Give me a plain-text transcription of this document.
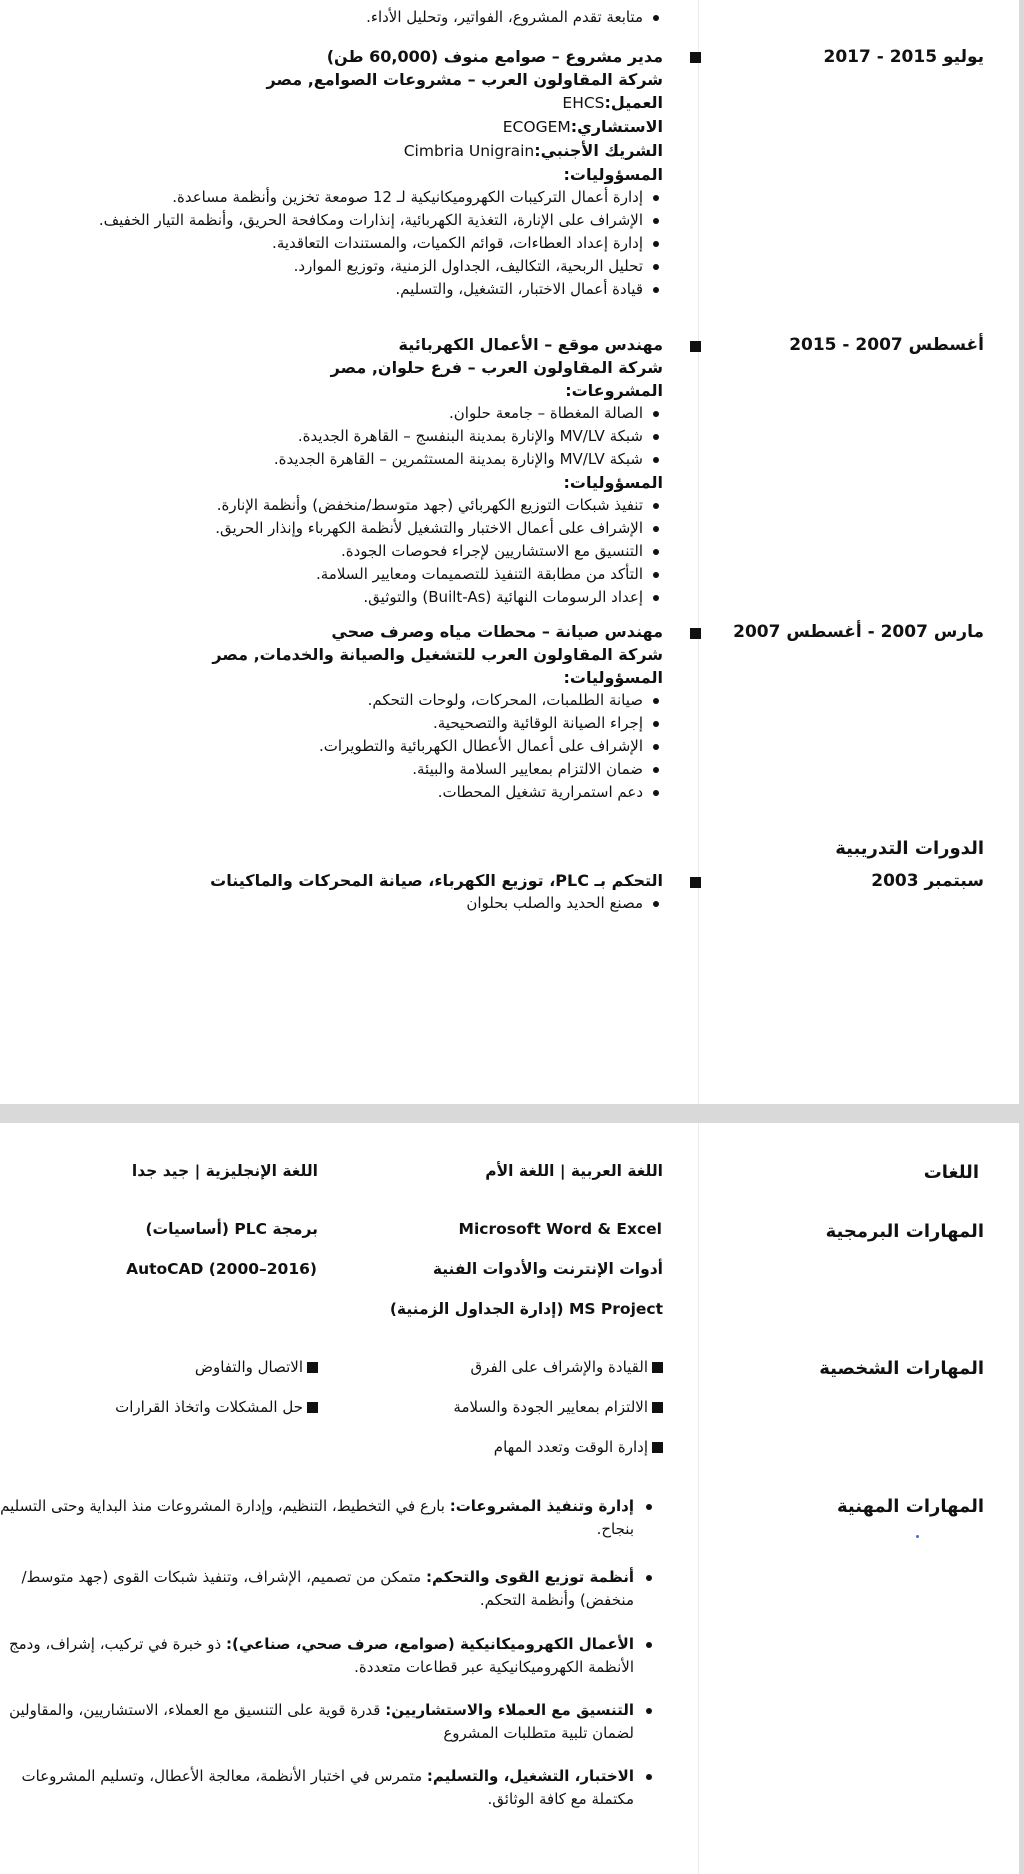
متابعة تقدم المشروع، الفواتير، وتحليل الأداء.
يوليو 2015 - 2017
مدير مشروع – صوامع منوف (60,000 طن)
شركة المقاولون العرب – مشروعات الصوامع, مصر
العميل:EHCS
الاستشاري:ECOGEM
الشريك الأجنبي:Cimbria Unigrain
المسؤوليات:
إدارة أعمال التركيبات الكهروميكانيكية لـ 12 صومعة تخزين وأنظمة مساعدة.
الإشراف على الإنارة، التغذية الكهربائية، إنذارات ومكافحة الحريق، وأنظمة التيار الخفيف.
إدارة إعداد العطاءات، قوائم الكميات، والمستندات التعاقدية.
تحليل الربحية، التكاليف، الجداول الزمنية، وتوزيع الموارد.
قيادة أعمال الاختبار، التشغيل، والتسليم.
أغسطس 2007 - 2015
مهندس موقع – الأعمال الكهربائية
شركة المقاولون العرب – فرع حلوان, مصر
المشروعات:
الصالة المغطاة – جامعة حلوان.
شبكة MV/LV والإنارة بمدينة البنفسج – القاهرة الجديدة.
شبكة MV/LV والإنارة بمدينة المستثمرين – القاهرة الجديدة.
المسؤوليات:
تنفيذ شبكات التوزيع الكهربائي (جهد متوسط/منخفض) وأنظمة الإنارة.
الإشراف على أعمال الاختبار والتشغيل لأنظمة الكهرباء وإنذار الحريق.
التنسيق مع الاستشاريين لإجراء فحوصات الجودة.
التأكد من مطابقة التنفيذ للتصميمات ومعايير السلامة.
إعداد الرسومات النهائية (Built-As) والتوثيق.
مارس 2007 - أغسطس 2007
مهندس صيانة – محطات مياه وصرف صحي
شركة المقاولون العرب للتشغيل والصيانة والخدمات, مصر
المسؤوليات:
صيانة الطلمبات، المحركات، ولوحات التحكم.
إجراء الصيانة الوقائية والتصحيحية.
الإشراف على أعمال الأعطال الكهربائية والتطويرات.
ضمان الالتزام بمعايير السلامة والبيئة.
دعم استمرارية تشغيل المحطات.
الدورات التدريبية
سبتمبر 2003
التحكم بـ PLC، توزيع الكهرباء، صيانة المحركات والماكينات
مصنع الحديد والصلب بحلوان
اللغات
اللغة العربية | اللغة الأم
اللغة الإنجليزية | جيد جدا
المهارات البرمجية
Microsoft Word & Excel
برمجة PLC (أساسيات)
أدوات الإنترنت والأدوات الفنية
AutoCAD (2000–2016)
MS Project (إدارة الجداول الزمنية)
المهارات الشخصية
القيادة والإشراف على الفرق
الاتصال والتفاوض
الالتزام بمعايير الجودة والسلامة
حل المشكلات واتخاذ القرارات
إدارة الوقت وتعدد المهام
المهارات المهنية
إدارة وتنفيذ المشروعات: بارع في التخطيط، التنظيم، وإدارة المشروعات منذ البداية وحتى التسليم بنجاح.
أنظمة توزيع القوى والتحكم: متمكن من تصميم، الإشراف، وتنفيذ شبكات القوى (جهد متوسط/منخفض) وأنظمة التحكم.
الأعمال الكهروميكانيكية (صوامع، صرف صحي، صناعي): ذو خبرة في تركيب، إشراف، ودمج الأنظمة الكهروميكانيكية عبر قطاعات متعددة.
التنسيق مع العملاء والاستشاريين: قدرة قوية على التنسيق مع العملاء، الاستشاريين، والمقاولين لضمان تلبية متطلبات المشروع
الاختبار، التشغيل، والتسليم: متمرس في اختبار الأنظمة، معالجة الأعطال، وتسليم المشروعات مكتملة مع كافة الوثائق.
